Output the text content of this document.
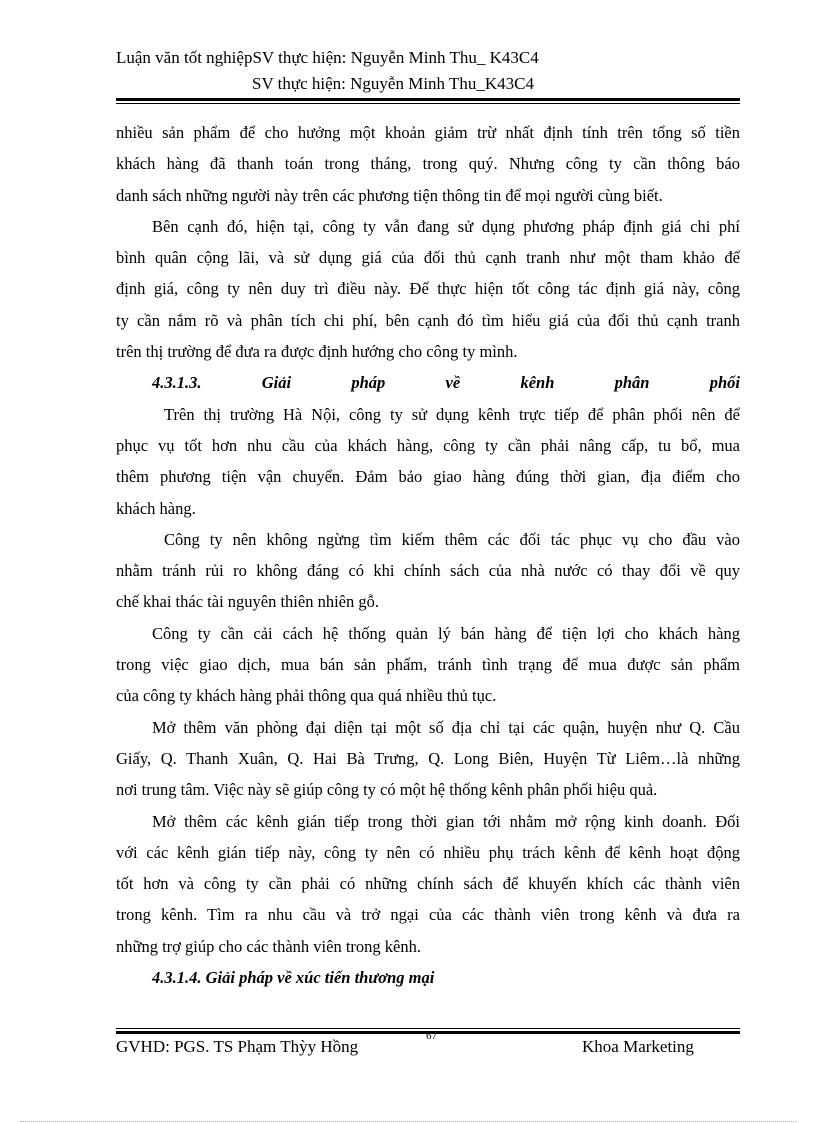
Luận văn tốt nghiệpSV thực hiện: Nguyễn Minh Thu_ K43C4
SV thực hiện: Nguyễn Minh Thu_K43C4
nhiều sản phẩm để cho hưởng một khoản giảm trừ nhất định tính trên tổng số tiền
khách hàng đã thanh toán trong tháng, trong quý. Nhưng công ty cần thông báo
danh sách những người này trên các phương tiện thông tin để mọi người cùng biết.
Bên cạnh đó, hiện tại, công ty vẫn đang sử dụng phương pháp định giá chi phí
bình quân cộng lãi, và sử dụng giá của đối thủ cạnh tranh như một tham khảo để
định giá, công ty nên duy trì điều này. Để thực hiện tốt công tác định giá này, công
ty cần nắm rõ và phân tích chi phí, bên cạnh đó tìm hiểu giá của đối thủ cạnh tranh
trên thị trường để đưa ra được định hướng cho công ty mình.
4.3.1.3.	Giải	pháp	về	kênh	phân	phối
Trên thị trường Hà Nội, công ty sử dụng kênh trực tiếp để phân phối nên để
phục vụ tốt hơn nhu cầu của khách hàng, công ty cần phải nâng cấp, tu bổ, mua
thêm phương tiện vận chuyển. Đảm bảo giao hàng đúng thời gian, địa điểm cho
khách hàng.
Công ty nên không ngừng tìm kiếm thêm các đối tác phục vụ cho đầu vào
nhằm tránh rủi ro không đáng có khi chính sách của nhà nước có thay đổi về quy
chế khai thác tài nguyên thiên nhiên gỗ.
Công ty cần cải cách hệ thống quản lý bán hàng để tiện lợi cho khách hàng
trong việc giao dịch, mua bán sản phẩm, tránh tình trạng để mua được sản phẩm
của công ty khách hàng phải thông qua quá nhiều thủ tục.
Mở thêm văn phòng đại diện tại một số địa chỉ tại các quận, huyện như Q. Cầu
Giấy, Q. Thanh Xuân, Q. Hai Bà Trưng, Q. Long Biên, Huyện Từ Liêm…là những
nơi trung tâm. Việc này sẽ giúp công ty có một hệ thống kênh phân phối hiệu quả.
Mở thêm các kênh gián tiếp trong thời gian tới nhằm mở rộng kinh doanh. Đối
với các kênh gián tiếp này, công ty nên có nhiều phụ trách kênh để kênh hoạt động
tốt hơn và công ty cần phải có những chính sách để khuyến khích các thành viên
trong kênh. Tìm ra nhu cầu và trở ngại của các thành viên trong kênh và đưa ra
những trợ giúp cho các thành viên trong kênh.
4.3.1.4. Giải pháp về xúc tiến thương mại
GVHD: PGS. TS Phạm Thỳy Hồng
67
Khoa Marketing
